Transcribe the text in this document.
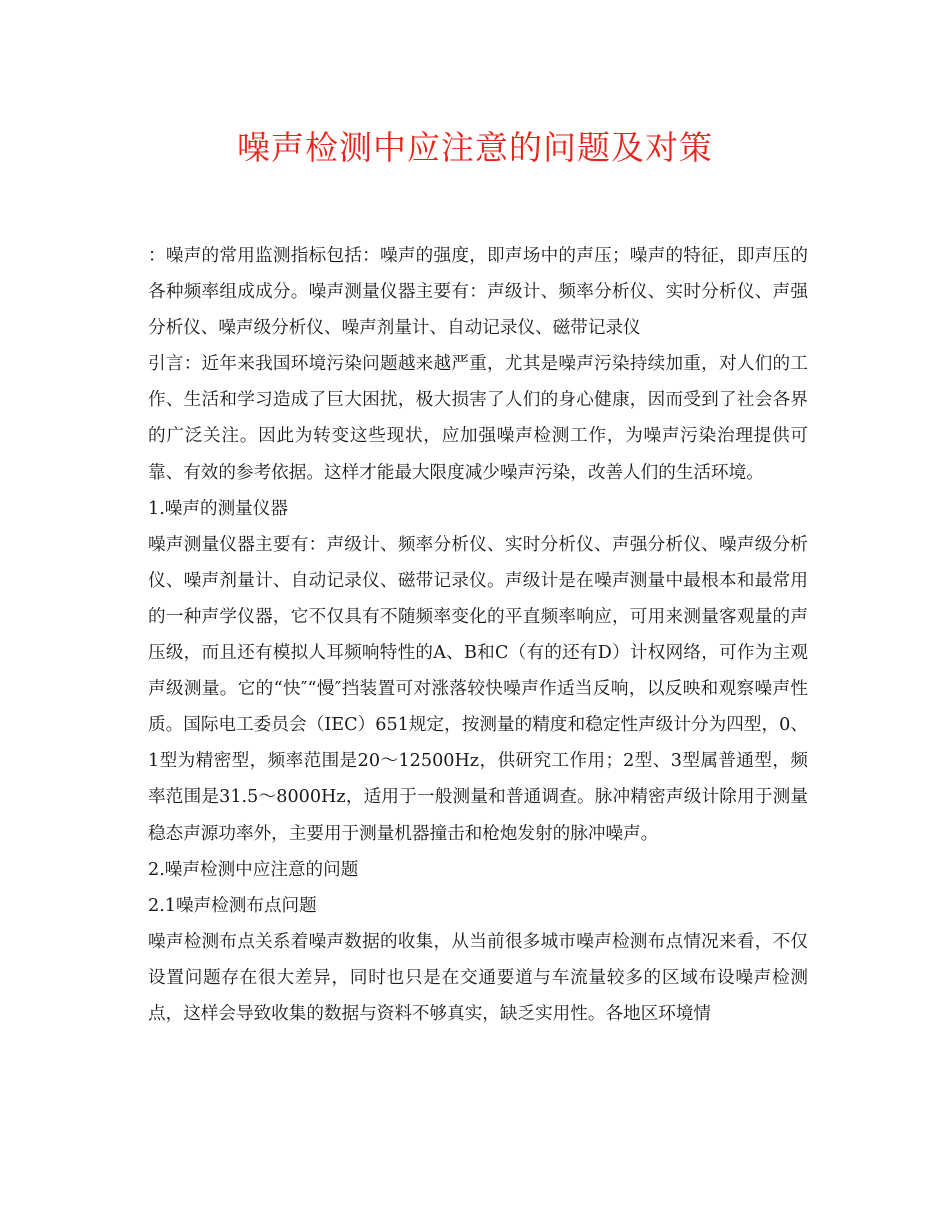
噪声检测中应注意的问题及对策

：噪声的常用监测指标包括：噪声的强度，即声场中的声压；噪声的特征，即声压的各种频率组成成分。噪声测量仪器主要有：声级计、频率分析仪、实时分析仪、声强分析仪、噪声级分析仪、噪声剂量计、自动记录仪、磁带记录仪

引言：近年来我国环境污染问题越来越严重，尤其是噪声污染持续加重，对人们的工作、生活和学习造成了巨大困扰，极大损害了人们的身心健康，因而受到了社会各界的广泛关注。因此为转变这些现状，应加强噪声检测工作，为噪声污染治理提供可靠、有效的参考依据。这样才能最大限度减少噪声污染，改善人们的生活环境。

1.噪声的测量仪器

噪声测量仪器主要有：声级计、频率分析仪、实时分析仪、声强分析仪、噪声级分析仪、噪声剂量计、自动记录仪、磁带记录仪。声级计是在噪声测量中最根本和最常用的一种声学仪器，它不仅具有不随频率变化的平直频率响应，可用来测量客观量的声压级，而且还有模拟人耳频响特性的A、B和C（有的还有D）计权网络，可作为主观声级测量。它的“快″“慢″挡装置可对涨落较快噪声作适当反响，以反映和观察噪声性质。国际电工委员会（IEC）651规定，按测量的精度和稳定性声级计分为四型，0、1型为精密型，频率范围是20～12500Hz，供研究工作用；2型、3型属普通型，频率范围是31.5～8000Hz，适用于一般测量和普通调查。脉冲精密声级计除用于测量稳态声源功率外，主要用于测量机器撞击和枪炮发射的脉冲噪声。

2.噪声检测中应注意的问题

2.1噪声检测布点问题

噪声检测布点关系着噪声数据的收集，从当前很多城市噪声检测布点情况来看，不仅设置问题存在很大差异，同时也只是在交通要道与车流量较多的区域布设噪声检测点，这样会导致收集的数据与资料不够真实，缺乏实用性。各地区环境情
